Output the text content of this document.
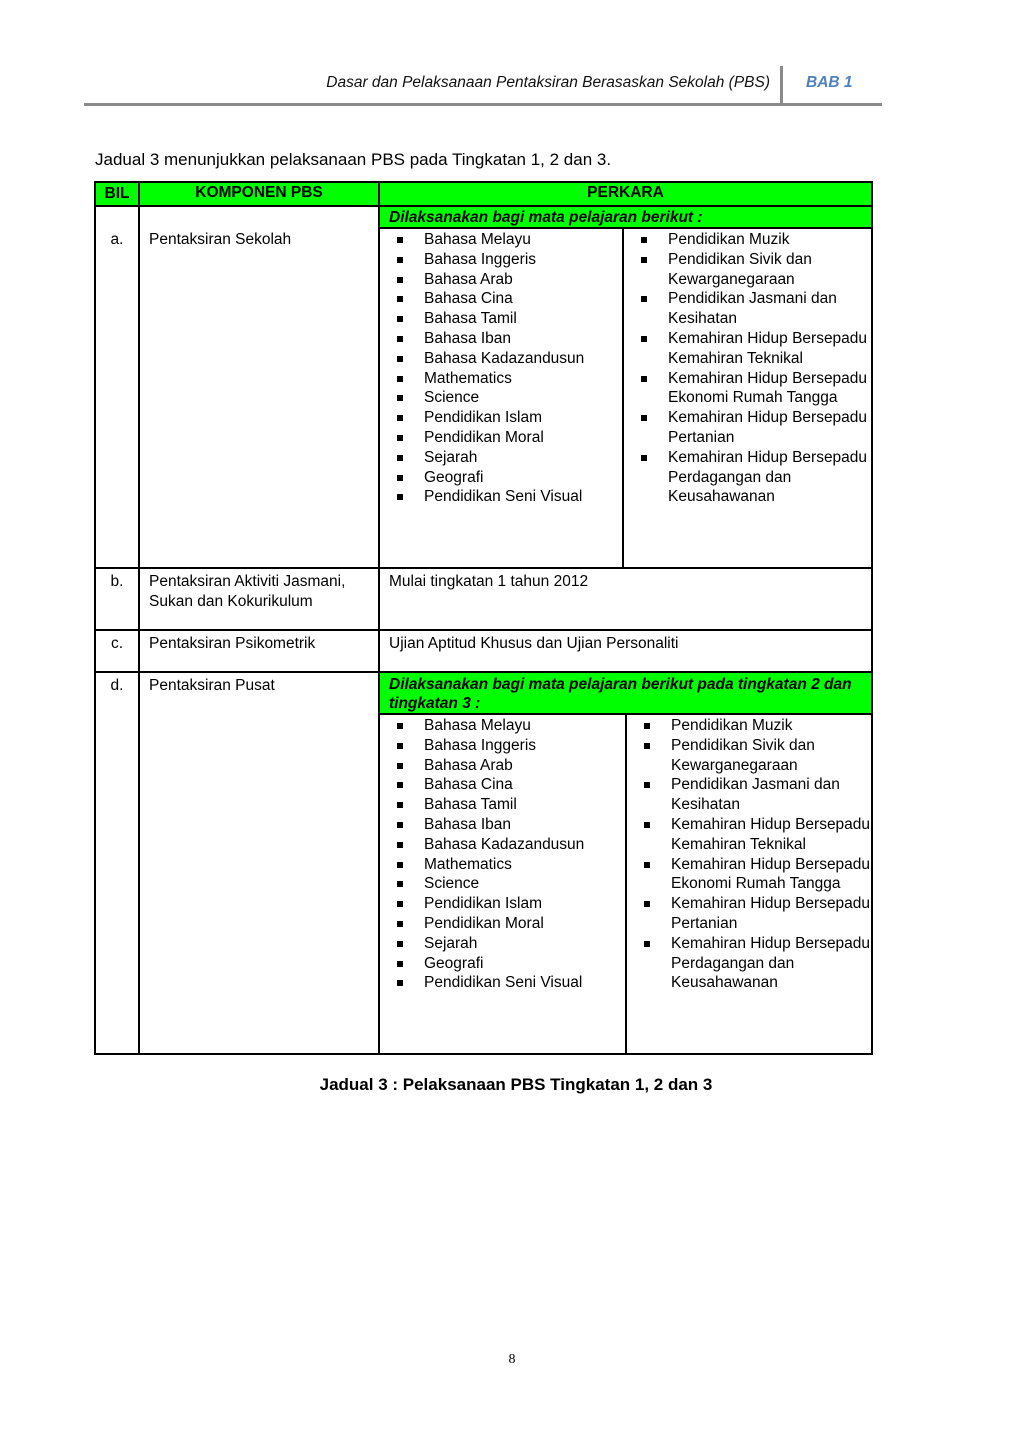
Dasar dan Pelaksanaan Pentaksiran Berasaskan Sekolah (PBS) BAB 1
Jadual 3 menunjukkan pelaksanaan PBS pada Tingkatan 1, 2 dan 3.
BIL	KOMPONEN PBS	PERKARA
a.	Pentaksiran Sekolah	Dilaksanakan bagi mata pelajaran berikut :

Bahasa Melayu
Bahasa Inggeris
Bahasa Arab
Bahasa Cina
Bahasa Tamil
Bahasa Iban
Bahasa Kadazandusun
Mathematics
Science
Pendidikan Islam
Pendidikan Moral
Sejarah
Geografi
Pendidikan Seni Visual

Pendidikan Muzik
Pendidikan Sivik dan Kewarganegaraan
Pendidikan Jasmani dan Kesihatan
Kemahiran Hidup Bersepadu Kemahiran Teknikal
Kemahiran Hidup Bersepadu Ekonomi Rumah Tangga
Kemahiran Hidup Bersepadu Pertanian
Kemahiran Hidup Bersepadu Perdagangan dan Keusahawanan

b.	Pentaksiran Aktiviti Jasmani, Sukan dan Kokurikulum	Mulai tingkatan 1 tahun 2012
c.	Pentaksiran Psikometrik	Ujian Aptitud Khusus dan Ujian Personaliti
d.	Pentaksiran Pusat	Dilaksanakan bagi mata pelajaran berikut pada tingkatan 2 dan tingkatan 3 :

Bahasa Melayu
Bahasa Inggeris
Bahasa Arab
Bahasa Cina
Bahasa Tamil
Bahasa Iban
Bahasa Kadazandusun
Mathematics
Science
Pendidikan Islam
Pendidikan Moral
Sejarah
Geografi
Pendidikan Seni Visual

Pendidikan Muzik
Pendidikan Sivik dan Kewarganegaraan
Pendidikan Jasmani dan Kesihatan
Kemahiran Hidup Bersepadu Kemahiran Teknikal
Kemahiran Hidup Bersepadu Ekonomi Rumah Tangga
Kemahiran Hidup Bersepadu Pertanian
Kemahiran Hidup Bersepadu Perdagangan dan Keusahawanan
Jadual 3 : Pelaksanaan PBS Tingkatan 1, 2 dan 3
8
